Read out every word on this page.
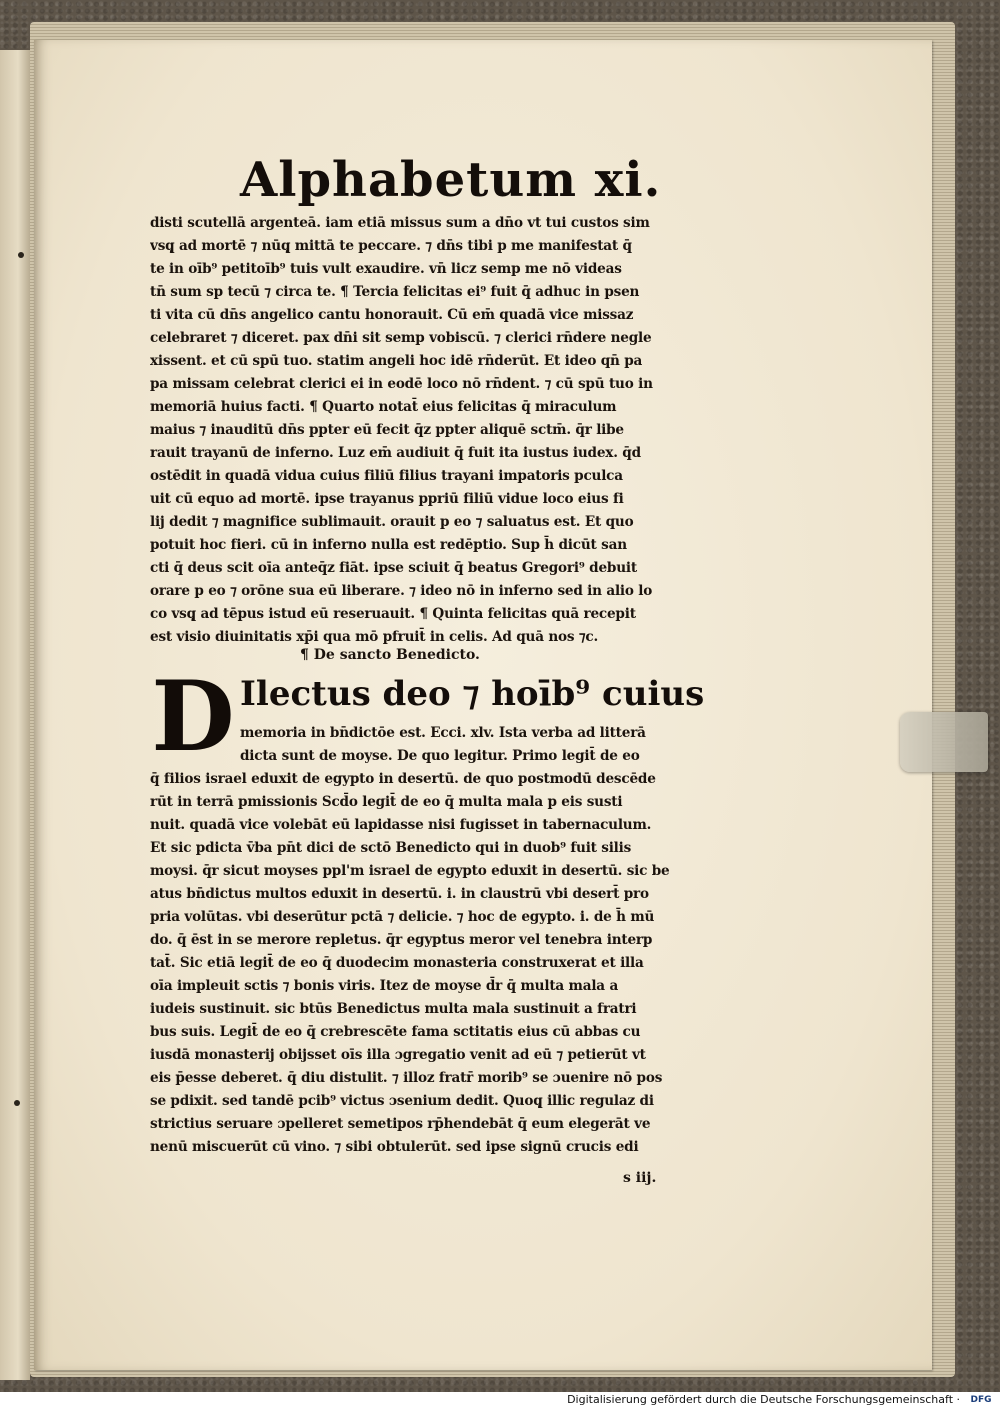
Alphabetum xi.
disti scutellā argenteā. iam etiā missus sum a dn̄o vt tui custos sim
vsq̨ ad mortē ⁊ nūq̨ mittā te peccare. ⁊ dn̄s tibi p me manifestat q̄
te in oīb⁹ petitoīb⁹ tuis vult exaudire. vn̄ licz semp me nō videas
tn̄ sum sp tecū ⁊ circa te. ¶ Tercia felicitas ei⁹ fuit q̄ adhuc in psen
ti vita cū dn̄s angelico cantu honorauit. Cū em̄ quadā vice missaz
celebraret ⁊ diceret. pax dn̄i sit semp vobiscū. ⁊ clerici rn̄dere negle
xissent. et cū spū tuo. statim angeli hoc idē rn̄derūt. Et ideo qn̄ pa
pa missam celebrat clerici ei in eodē loco nō rn̄dent. ⁊ cū spū tuo in
memoriā huius facti. ¶ Quarto notat̄ eius felicitas q̄ miraculum
maius ⁊ inauditū dn̄s ppter eū fecit q̄z ppter aliquē sctm̄. q̄r libe
rauit trayanū de inferno. Luz em̄ audiuit q̄ fuit ita iustus iudex. q̄d
ostēdit in quadā vidua cuius filiū filius trayani impatoris pculca
uit cū equo ad mortē. ipse trayanus ppriū filiū vidue loco eius fi
lij dedit ⁊ magnifice sublimauit. orauit p eo ⁊ saluatus est. Et quo
potuit hoc fieri. cū in inferno nulla est redēptio. Sup h̄ dicūt san
cti q̄ deus scit oīa anteq̄z fiāt. ipse sciuit q̄ beatus Gregori⁹ debuit
orare p eo ⁊ orōne sua eū liberare. ⁊ ideo nō in inferno sed in alio lo
co vsq̨ ad tēpus istud eū reseruauit. ¶ Quinta felicitas quā recepit
est visio diuinitatis xp̄i qua mō pfruit̄ in celis. Ad quā nos ⁊c.
¶ De sancto Benedicto.
D Ilectus deo ⁊ hoīb⁹ cuius
memoria in bn̄dictōe est. Ecci. xlv. Ista verba ad litterā
dicta sunt de moyse. De quo legitur. Primo legit̄ de eo
q̄ filios israel eduxit de egypto in desertū. de quo postmodū descēde
rūt in terrā pmissionis Scd̄o legit̄ de eo q̄ multa mala p eis susti
nuit. quadā vice volebāt eū lapidasse nisi fugisset in tabernaculum.
Et sic pdicta v̄ba pn̄t dici de sctō Benedicto qui in duob⁹ fuit silis
moysi. q̄r sicut moyses ppl'm israel de egypto eduxit in desertū. sic be
atus bn̄dictus multos eduxit in desertū. i. in claustrū vbi desert̄ pro
pria volūtas. vbi deserūtur pctā ⁊ delicie. ⁊ hoc de egypto. i. de h̄ mū
do. q̄ ēst in se merore repletus. q̄r egyptus meror vel tenebra interp
tat̄. Sic etiā legit̄ de eo q̄ duodecim monasteria construxerat et illa
oīa impleuit sctis ⁊ bonis viris. Itez de moyse d̄r q̄ multa mala a
iudeis sustinuit. sic btūs Benedictus multa mala sustinuit a fratri
bus suis. Legit̄ de eo q̄ crebrescēte fama sctitatis eius cū abbas cu
iusdā monasterij obijsset oīs illa ɔgregatio venit ad eū ⁊ petierūt vt
eis p̄esse deberet. q̄ diu distulit. ⁊ illoz fratr̄ morib⁹ se ɔuenire nō pos
se pdixit. sed tandē pcib⁹ victus ɔsenium dedit. Quoq̨ illic regulaz di
strictius seruare ɔpelleret semetipos rp̄hendebāt q̄ eum elegerāt ve
nenū miscuerūt cū vino. ⁊ sibi obtulerūt. sed ipse signū crucis edi
s iij.
Digitalisierung gefördert durch die Deutsche Forschungsgemeinschaft ·	DFG
